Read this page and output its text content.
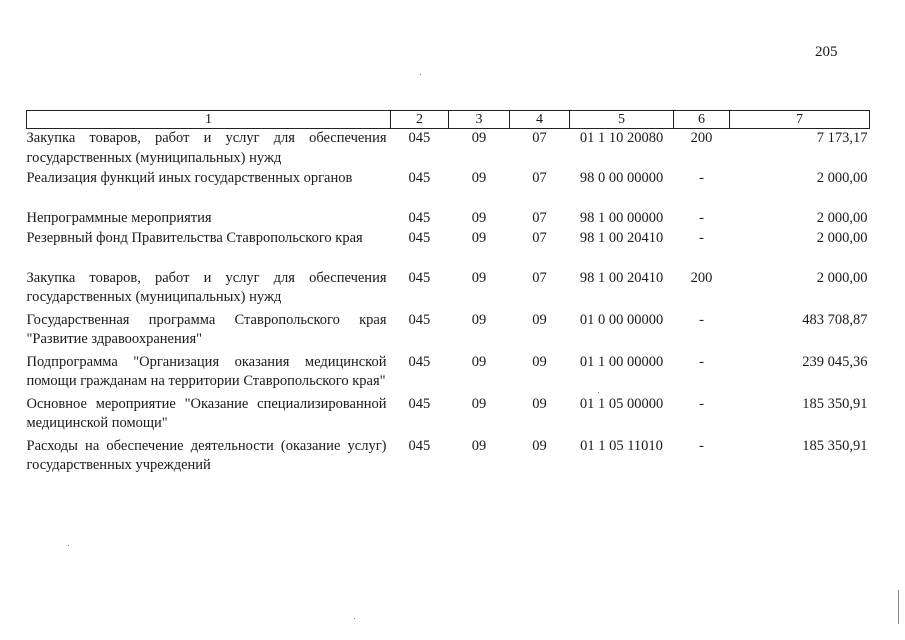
205
1	2	3	4	5	6	7
Закупка товаров, работ и услуг для обеспечения государственных (муниципальных) нужд	045	09	07	01 1 10 20080	200	7 173,17
Реализация функций иных государственных органов	045	09	07	98 0 00 00000	-	2 000,00
Непрограммные мероприятия	045	09	07	98 1 00 00000	-	2 000,00
Резервный фонд Правительства Ставропольского края	045	09	07	98 1 00 20410	-	2 000,00
Закупка товаров, работ и услуг для обеспечения государственных (муниципальных) нужд	045	09	07	98 1 00 20410	200	2 000,00
Государственная программа Ставропольского края "Развитие здравоохранения"	045	09	09	01 0 00 00000	-	483 708,87
Подпрограмма "Организация оказания медицинской помощи гражданам на территории Ставропольского края"	045	09	09	01 1 00 00000	-	239 045,36
Основное мероприятие "Оказание специализированной медицинской помощи"	045	09	09	01 1 05 00000	-	185 350,91
Расходы на обеспечение деятельности (оказание услуг) государственных учреждений	045	09	09	01 1 05 11010	-	185 350,91
